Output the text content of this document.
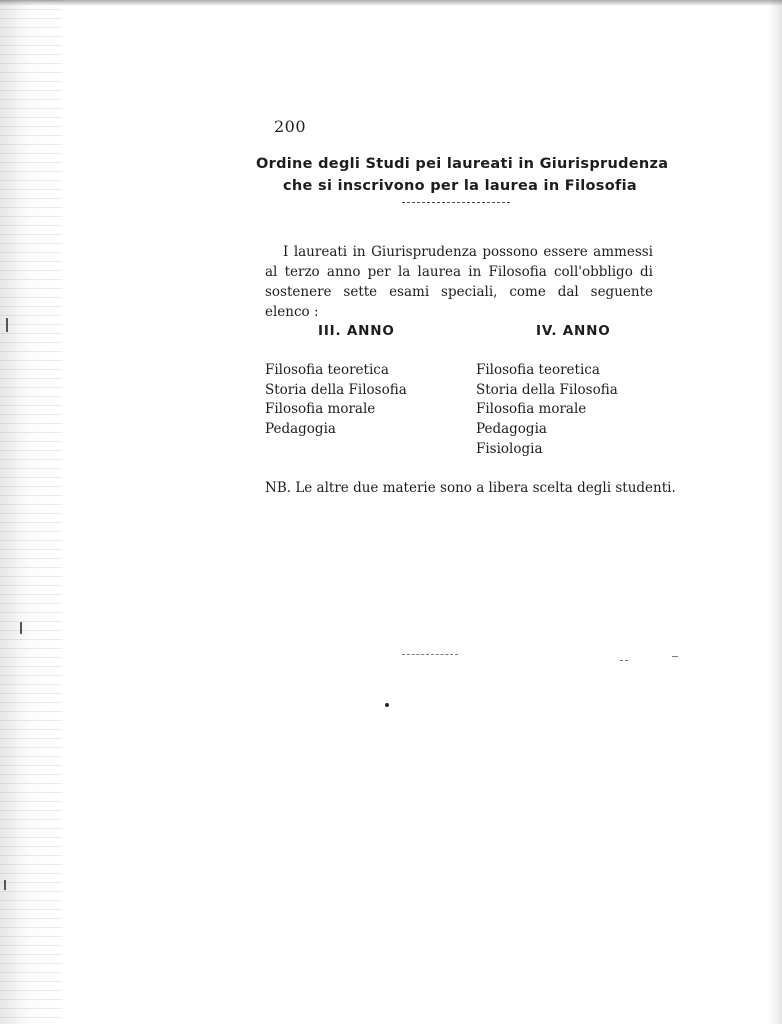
200
Ordine degli Studi pei laureati in Giurisprudenza
che si inscrivono per la laurea in Filosofia

I laureati in Giurisprudenza possono essere ammessi al terzo anno per la laurea in Filosofia coll'obbligo di sostenere sette esami speciali, come dal seguente elenco :

III. ANNO	IV. ANNO
Filosofia teoretica
Storia della Filosofia
Filosofia morale
Pedagogia
Filosofia teoretica
Storia della Filosofia
Filosofia morale
Pedagogia
Fisiologia
NB. Le altre due materie sono a libera scelta degli studenti.
